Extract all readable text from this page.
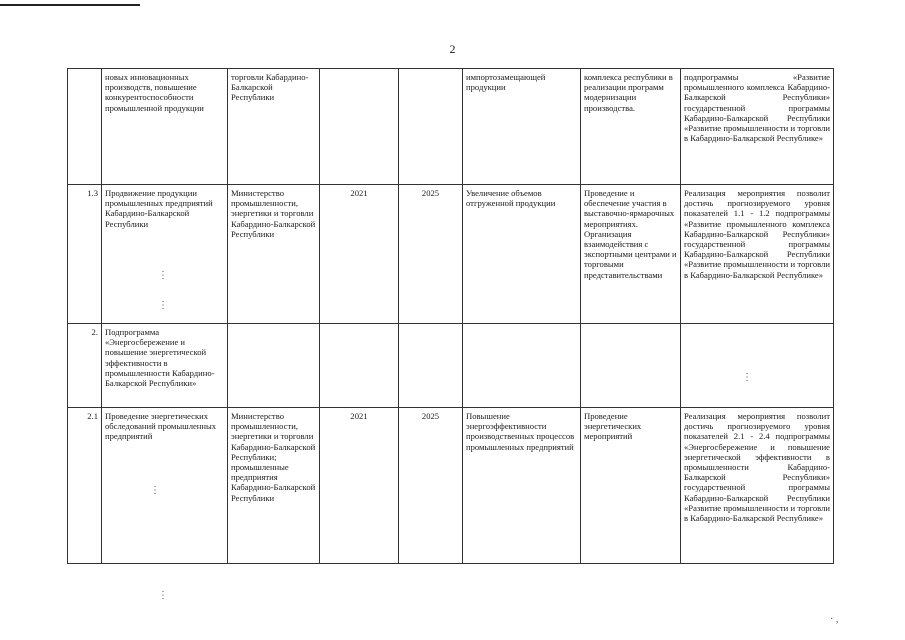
2
	новых инновационных производств, повышение конкурентоспособности промышленной продукции	торговли Кабардино-Балкарской Республики			импортозамещающей продукции	комплекса республики в реализации программ модернизации производства.	подпрограммы «Развитие промышленного комплекса Кабардино-Балкарской Республики» государственной программы Кабардино-Балкарской Республики «Развитие промышленности и торговли в Кабардино-Балкарской Республике»
1.3	Продвижение продукции промышленных предприятий Кабардино-Балкарской Республики	Министерство промышленности, энергетики и торговли Кабардино-Балкарской Республики	2021	2025	Увеличение объемов отгруженной продукции	Проведение и обеспечение участия в выставочно-ярмарочных мероприятиях. Организация взаимодействия с экспортными центрами и торговыми представительствами	Реализация мероприятия позволит достичь прогнозируемого уровня показателей 1.1 - 1.2 подпрограммы «Развитие промышленного комплекса Кабардино-Балкарской Республики» государственной программы Кабардино-Балкарской Республики «Развитие промышленности и торговли в Кабардино-Балкарской Республике»
2.	Подпрограмма «Энергосбережение и повышение энергетической эффективности в промышленности Кабардино-Балкарской Республики»						
2.1	Проведение энергетических обследований промышленных предприятий	Министерство промышленности, энергетики и торговли Кабардино-Балкарской Республики; промышленные предприятия Кабардино-Балкарской Республики	2021	2025	Повышение энергоэффективности производственных процессов промышленных предприятий	Проведение энергетических мероприятий	Реализация мероприятия позволит достичь прогнозируемого уровня показателей 2.1 - 2.4 подпрограммы «Энергосбережение и повышение энергетической эффективности в промышленности Кабардино-Балкарской Республики» государственной программы Кабардино-Балкарской Республики «Развитие промышленности и торговли в Кабардино-Балкарской Республике»
⋮
⋮
⋮
⋮
⋮
· ,
